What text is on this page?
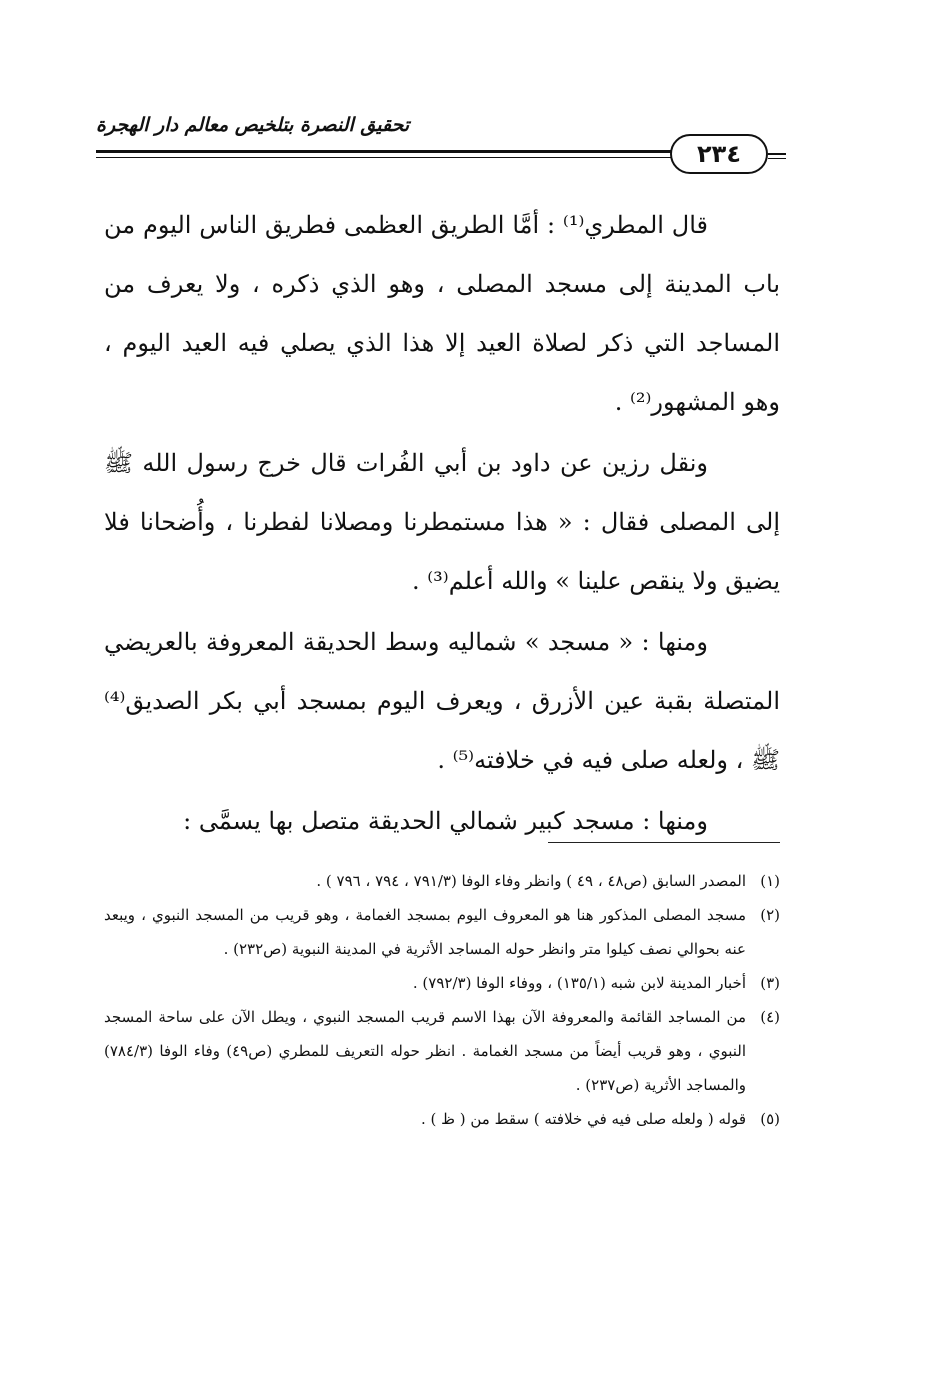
تحقيق النصرة بتلخيص معالم دار الهجرة
٢٣٤

قال المطري⁽¹⁾ : أمَّا الطريق العظمى فطريق الناس اليوم من باب المدينة إلى مسجد المصلى ، وهو الذي ذكره ، ولا يعرف من المساجد التي ذكر لصلاة العيد إلا هذا الذي يصلي فيه العيد اليوم ، وهو المشهور⁽²⁾ .

ونقل رزين عن داود بن أبي الفُرات قال خرج رسول الله ﷺ إلى المصلى فقال : « هذا مستمطرنا ومصلانا لفطرنا ، وأُضحانا فلا يضيق ولا ينقص علينا » والله أعلم⁽³⁾ .

ومنها : « مسجد » شماليه وسط الحديقة المعروفة بالعريضي المتصلة بقبة عين الأزرق ، ويعرف اليوم بمسجد أبي بكر الصديق⁽⁴⁾ ﷺ ، ولعله صلى فيه في خلافته⁽⁵⁾ .

ومنها : مسجد كبير شمالي الحديقة متصل بها يسمَّى :

(١)
المصدر السابق (ص٤٨ ، ٤٩ ) وانظر وفاء الوفا (٧٩١/٣ ، ٧٩٤ ، ٧٩٦ ) .
(٢)
مسجد المصلى المذكور هنا هو المعروف اليوم بمسجد الغمامة ، وهو قريب من المسجد النبوي ، ويبعد عنه بحوالي نصف كيلوا متر وانظر حوله المساجد الأثرية في المدينة النبوية (ص٢٣٢) .
(٣)
أخبار المدينة لابن شبه (١٣٥/١) ، ووفاء الوفا (٧٩٢/٣) .
(٤)
من المساجد القائمة والمعروفة الآن بهذا الاسم قريب المسجد النبوي ، ويطل الآن على ساحة المسجد النبوي ، وهو قريب أيضاً من مسجد الغمامة . انظر حوله التعريف للمطري (ص٤٩) وفاء الوفا (٧٨٤/٣) والمساجد الأثرية (ص٢٣٧) .
(٥)
قوله ( ولعله صلى فيه في خلافته ) سقط من ( ظ ) .
